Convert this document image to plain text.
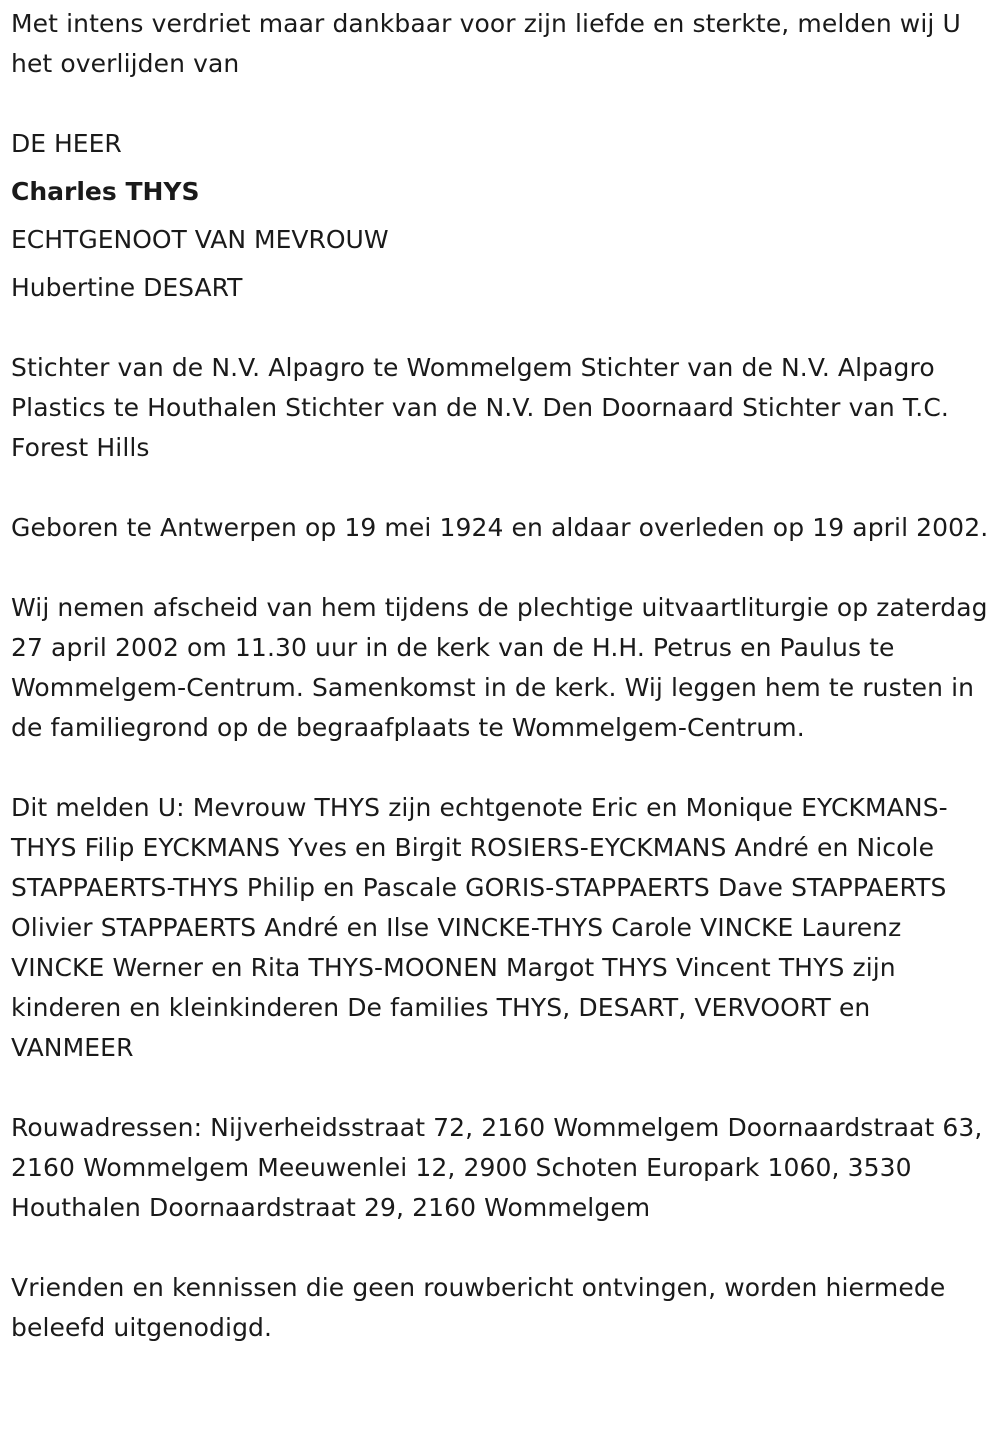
Met intens verdriet maar dankbaar voor zijn liefde en sterkte, melden wij U het overlijden van

DE HEER

Charles THYS

ECHTGENOOT VAN MEVROUW

Hubertine DESART

Stichter van de N.V. Alpagro te Wommelgem Stichter van de N.V. Alpagro Plastics te Houthalen Stichter van de N.V. Den Doornaard Stichter van T.C. Forest Hills

Geboren te Antwerpen op 19 mei 1924 en aldaar overleden op 19 april 2002.

Wij nemen afscheid van hem tijdens de plechtige uitvaartliturgie op zaterdag 27 april 2002 om 11.30 uur in de kerk van de H.H. Petrus en Paulus te Wommelgem-Centrum. Samenkomst in de kerk. Wij leggen hem te rusten in de familiegrond op de begraafplaats te Wommelgem-Centrum.

Dit melden U: Mevrouw THYS zijn echtgenote Eric en Monique EYCKMANS-THYS Filip EYCKMANS Yves en Birgit ROSIERS-EYCKMANS André en Nicole STAPPAERTS-THYS Philip en Pascale GORIS-STAPPAERTS Dave STAPPAERTS Olivier STAPPAERTS André en Ilse VINCKE-THYS Carole VINCKE Laurenz VINCKE Werner en Rita THYS-MOONEN Margot THYS Vincent THYS zijn kinderen en kleinkinderen De families THYS, DESART, VERVOORT en VANMEER

Rouwadressen: Nijverheidsstraat 72, 2160 Wommelgem Doornaardstraat 63, 2160 Wommelgem Meeuwenlei 12, 2900 Schoten Europark 1060, 3530 Houthalen Doornaardstraat 29, 2160 Wommelgem

Vrienden en kennissen die geen rouwbericht ontvingen, worden hiermede beleefd uitgenodigd.
